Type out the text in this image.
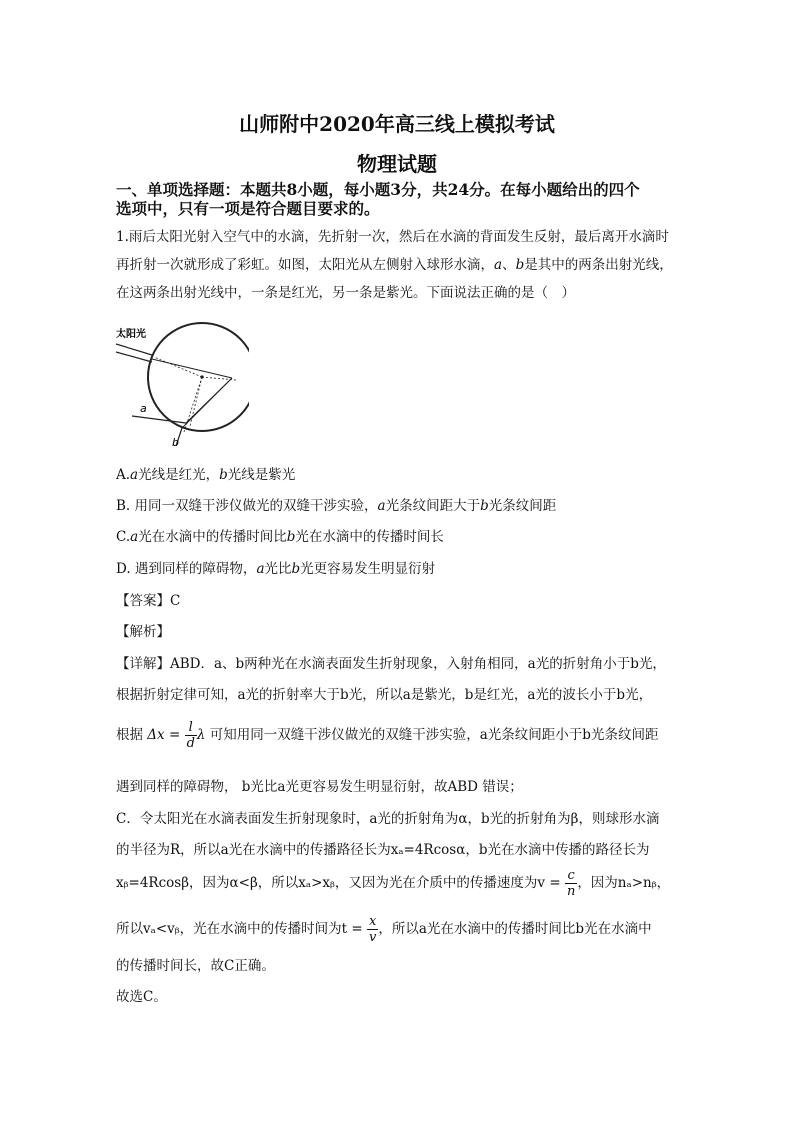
山师附中2020年高三线上模拟考试
物理试题
一、单项选择题：本题共8小题，每小题3分，共24分。在每小题给出的四个
选项中，只有一项是符合题目要求的。
1.雨后太阳光射入空气中的水滴，先折射一次，然后在水滴的背面发生反射，最后离开水滴时
再折射一次就形成了彩虹。如图，太阳光从左侧射入球形水滴，a、b是其中的两条出射光线，
在这两条出射光线中，一条是红光，另一条是紫光。下面说法正确的是（　）
太阳光
a
b
A.a光线是红光，b光线是紫光
B. 用同一双缝干涉仪做光的双缝干涉实验，a光条纹间距大于b光条纹间距
C.a光在水滴中的传播时间比b光在水滴中的传播时间长
D. 遇到同样的障碍物，a光比b光更容易发生明显衍射
【答案】C
【解析】
【详解】ABD．a、b两种光在水滴表面发生折射现象，入射角相同，a光的折射角小于b光，
根据折射定律可知，a光的折射率大于b光，所以a是紫光，b是红光，a光的波长小于b光，
根据 $\Delta x = \frac{l}{d}$ λ 可知用同一双缝干涉仪做光的双缝干涉实验，a光条纹间距小于b光条纹间距
遇到同样的障碍物， b光比a光更容易发生明显衍射，故ABD 错误；
C．令太阳光在水滴表面发生折射现象时，a光的折射角为α，b光的折射角为β，则球形水滴
的半径为R，所以a光在水滴中的传播路径长为xₐ=4Rcosα，b光在水滴中传播的路径长为
xᵦ=4Rcosβ，因为α<β，所以xₐ>xᵦ，又因为光在介质中的传播速度为$v = \frac{c}{n}$ ，因为nₐ>nᵦ，
所以vₐ<vᵦ，光在水滴中的传播时间为$t = \frac{x}{v}$ ，所以a光在水滴中的传播时间比b光在水滴中
的传播时间长，故C正确。
故选C。
